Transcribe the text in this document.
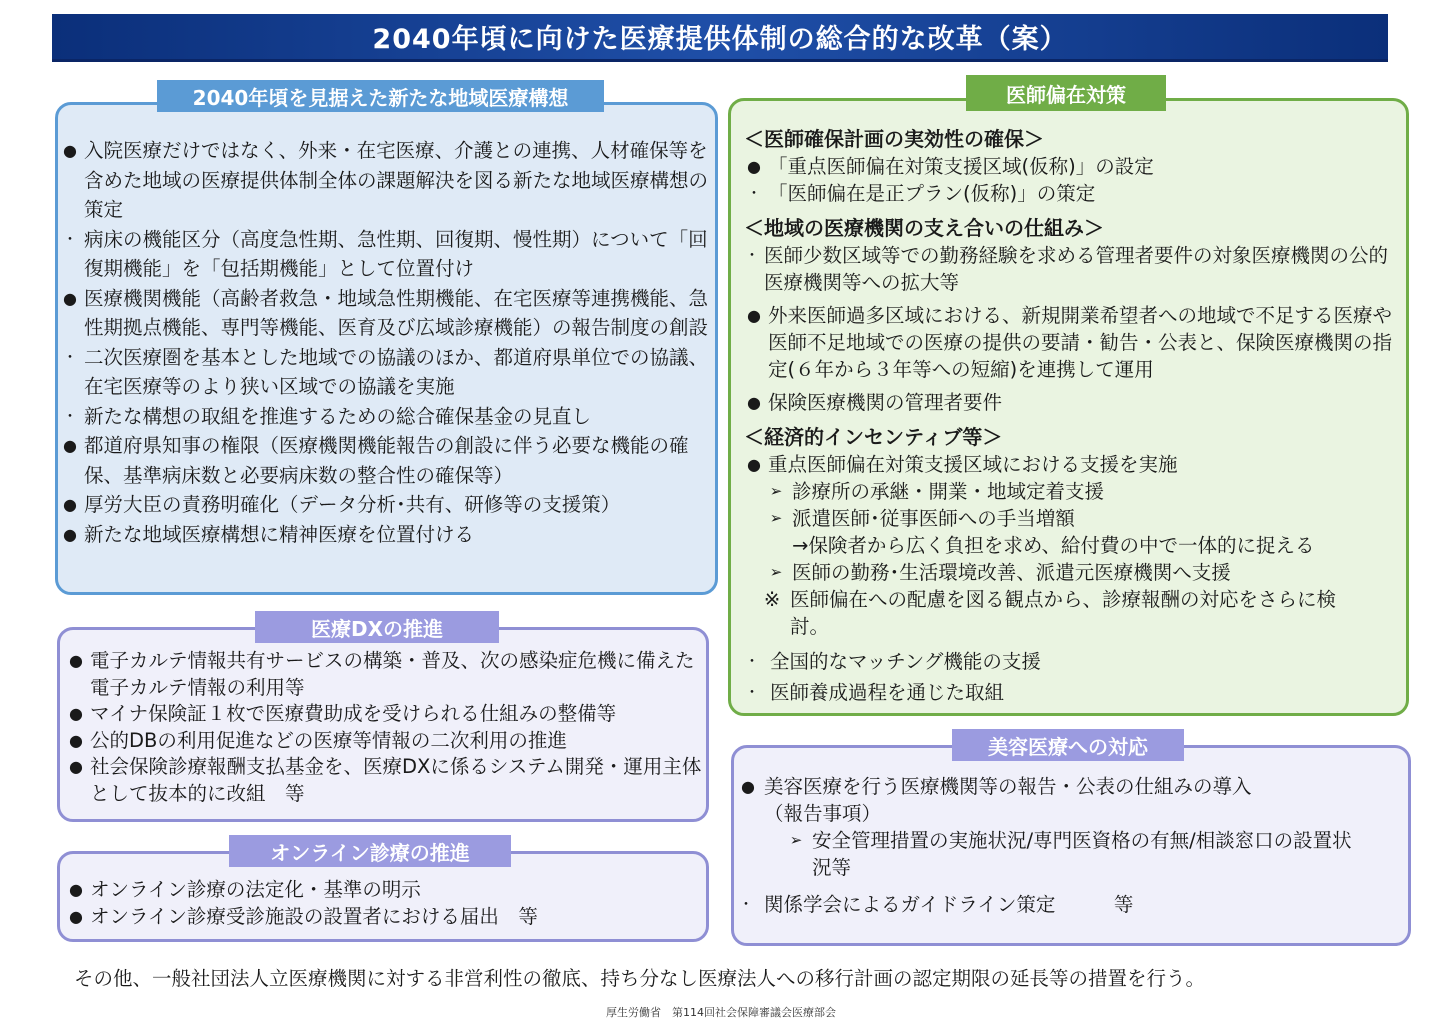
2040年頃に向けた医療提供体制の総合的な改革（案）
2040年頃を見据えた新たな地域医療構想
● 入院医療だけではなく、外来・在宅医療、介護との連携、人材確保等を含めた地域の医療提供体制全体の課題解決を図る新たな地域医療構想の策定
・ 病床の機能区分（高度急性期、急性期、回復期、慢性期）について「回復期機能」を「包括期機能」として位置付け
● 医療機関機能（高齢者救急・地域急性期機能、在宅医療等連携機能、急性期拠点機能、専門等機能、医育及び広域診療機能）の報告制度の創設
・ 二次医療圏を基本とした地域での協議のほか、都道府県単位での協議、在宅医療等のより狭い区域での協議を実施
・ 新たな構想の取組を推進するための総合確保基金の見直し
● 都道府県知事の権限（医療機関機能報告の創設に伴う必要な機能の確保、基準病床数と必要病床数の整合性の確保等）
● 厚労大臣の責務明確化（データ分析･共有、研修等の支援策）
● 新たな地域医療構想に精神医療を位置付ける
医師偏在対策
＜医師確保計画の実効性の確保＞
● 「重点医師偏在対策支援区域(仮称)」の設定
・ 「医師偏在是正プラン(仮称)」の策定
＜地域の医療機関の支え合いの仕組み＞
・ 医師少数区域等での勤務経験を求める管理者要件の対象医療機関の公的医療機関等への拡大等
● 外来医師過多区域における、新規開業希望者への地域で不足する医療や医師不足地域での医療の提供の要請・勧告・公表と、保険医療機関の指定(６年から３年等への短縮)を連携して運用
● 保険医療機関の管理者要件
＜経済的インセンティブ等＞
● 重点医師偏在対策支援区域における支援を実施
➢ 診療所の承継・開業・地域定着支援
➢ 派遣医師･従事医師への手当増額
→保険者から広く負担を求め、給付費の中で一体的に捉える
➢ 医師の勤務･生活環境改善、派遣元医療機関へ支援
※ 医師偏在への配慮を図る観点から、診療報酬の対応をさらに検討。
・ 全国的なマッチング機能の支援
・ 医師養成過程を通じた取組
医療DXの推進
● 電子カルテ情報共有サービスの構築・普及、次の感染症危機に備えた電子カルテ情報の利用等
● マイナ保険証１枚で医療費助成を受けられる仕組みの整備等
● 公的DBの利用促進などの医療等情報の二次利用の推進
● 社会保険診療報酬支払基金を、医療DXに係るシステム開発・運用主体として抜本的に改組　等
オンライン診療の推進
● オンライン診療の法定化・基準の明示
● オンライン診療受診施設の設置者における届出　等
美容医療への対応
● 美容医療を行う医療機関等の報告・公表の仕組みの導入
（報告事項）
➢ 安全管理措置の実施状況/専門医資格の有無/相談窓口の設置状況等
・ 関係学会によるガイドライン策定　　　等
その他、一般社団法人立医療機関に対する非営利性の徹底、持ち分なし医療法人への移行計画の認定期限の延長等の措置を行う。
厚生労働省　第114回社会保障審議会医療部会
